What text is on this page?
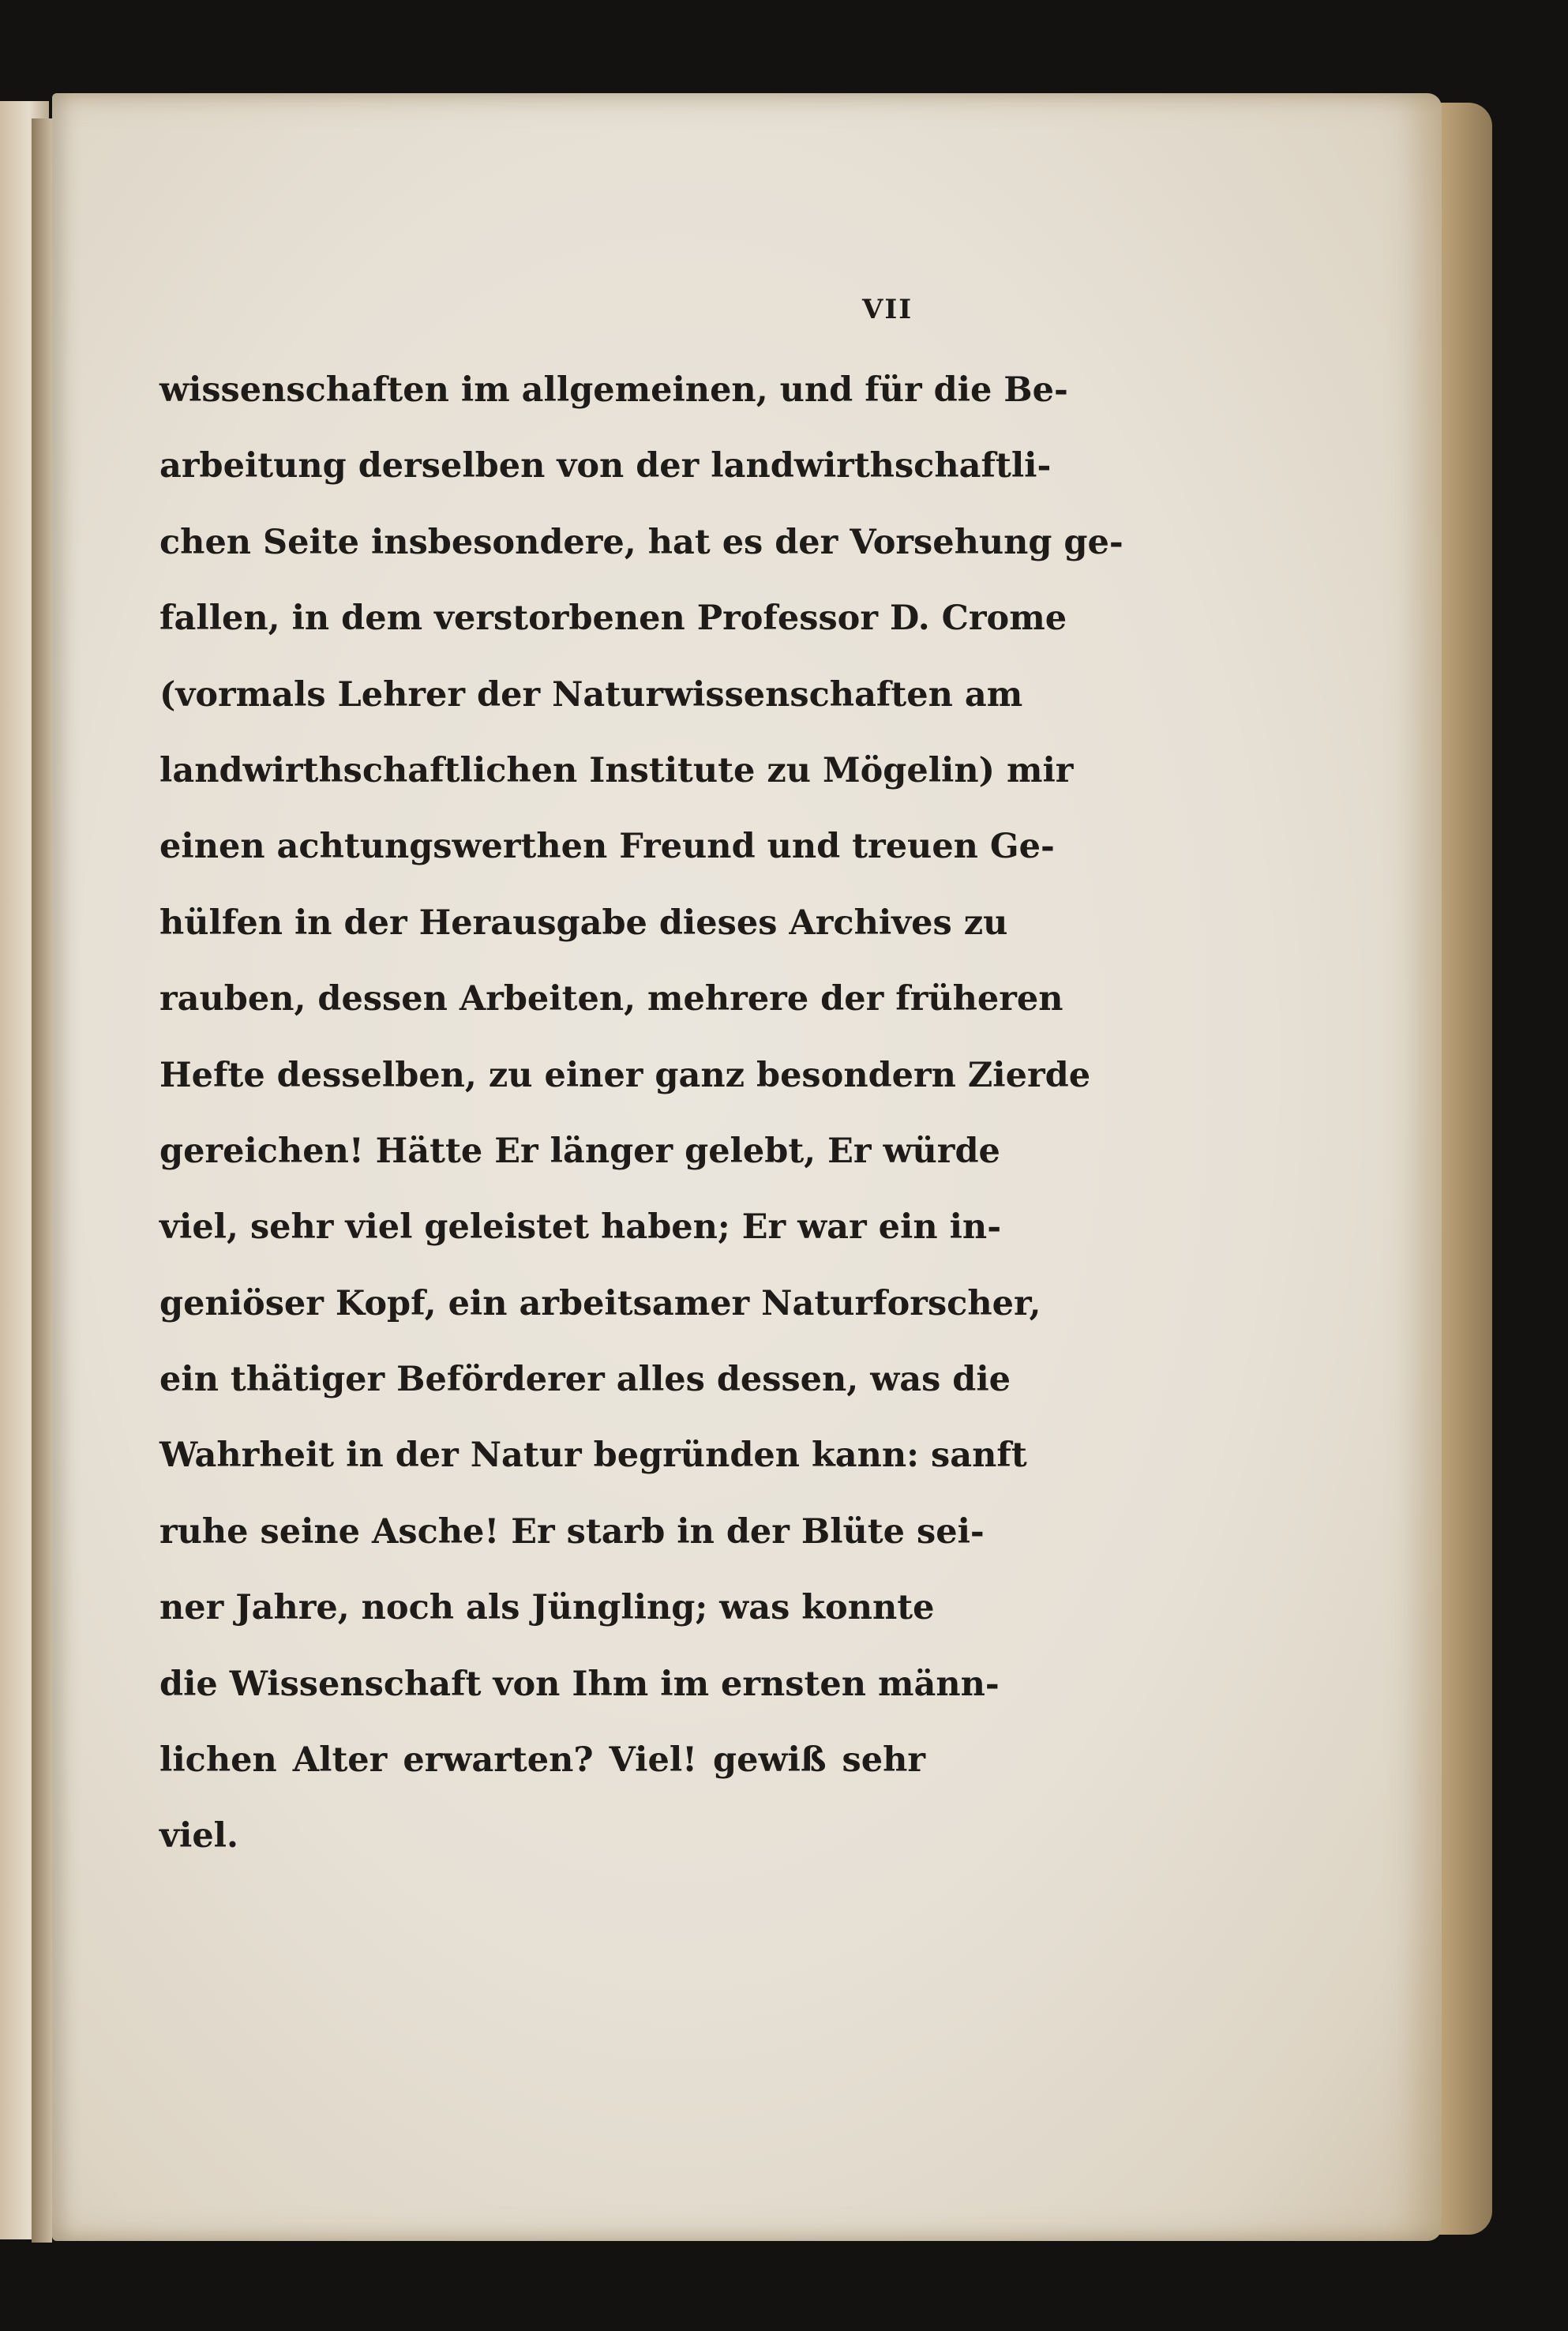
VII
wissenschaften im allgemeinen, und für die Be-
arbeitung derselben von der landwirthschaftli-
chen Seite insbesondere, hat es der Vorsehung ge-
fallen, in dem verstorbenen Professor D. Crome
(vormals Lehrer der Naturwissenschaften am
landwirthschaftlichen Institute zu Mögelin) mir
einen achtungswerthen Freund und treuen Ge-
hülfen in der Herausgabe dieses Archives zu
rauben, dessen Arbeiten, mehrere der früheren
Hefte desselben, zu einer ganz besondern Zierde
gereichen! Hätte Er länger gelebt, Er würde
viel, sehr viel geleistet haben; Er war ein in-
geniöser Kopf, ein arbeitsamer Naturforscher,
ein thätiger Beförderer alles dessen, was die
Wahrheit in der Natur begründen kann: sanft
ruhe seine Asche! Er starb in der Blüte sei-
ner Jahre, noch als Jüngling; was konnte
die Wissenschaft von Ihm im ernsten männ-
lichen Alter erwarten? Viel! gewiß sehr
viel.
